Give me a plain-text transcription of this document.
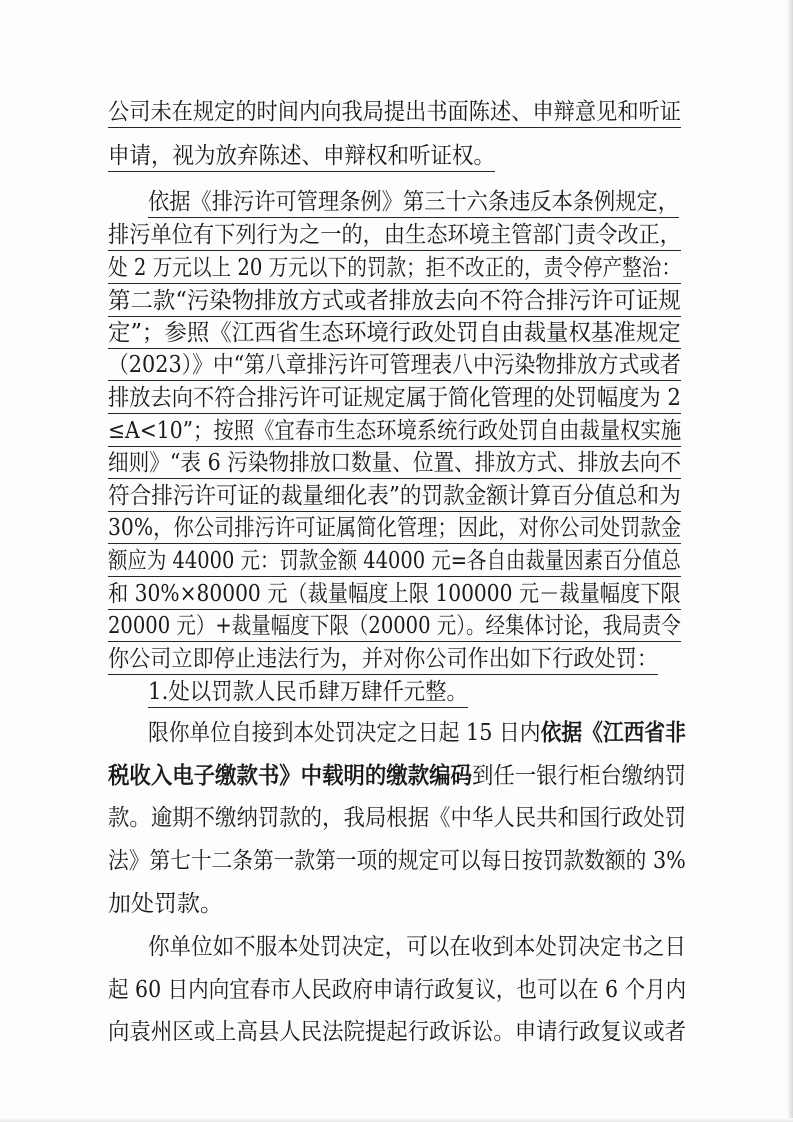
公司未在规定的时间内向我局提出书面陈述、申辩意见和听证
申请，视为放弃陈述、申辩权和听证权。
依据《排污许可管理条例》第三十六条违反本条例规定，
排污单位有下列行为之一的，由生态环境主管部门责令改正，
处 2 万元以上 20 万元以下的罚款；拒不改正的，责令停产整治：
第二款“污染物排放方式或者排放去向不符合排污许可证规
定”；参照《江西省生态环境行政处罚自由裁量权基准规定
（2023）》中“第八章排污许可管理表八中污染物排放方式或者
排放去向不符合排污许可证规定属于简化管理的处罚幅度为 2
≤A<10”；按照《宜春市生态环境系统行政处罚自由裁量权实施
细则》“表 6 污染物排放口数量、位置、排放方式、排放去向不
符合排污许可证的裁量细化表”的罚款金额计算百分值总和为
30%，你公司排污许可证属简化管理；因此，对你公司处罚款金
额应为 44000 元：罚款金额 44000 元=各自由裁量因素百分值总
和 30%×80000 元（裁量幅度上限 100000 元－裁量幅度下限
20000 元）+裁量幅度下限（20000 元）。经集体讨论，我局责令
你公司立即停止违法行为，并对你公司作出如下行政处罚：
1.处以罚款人民币肆万肆仟元整。
限你单位自接到本处罚决定之日起 15 日内依据《江西省非
税收入电子缴款书》中载明的缴款编码到任一银行柜台缴纳罚
款。逾期不缴纳罚款的，我局根据《中华人民共和国行政处罚
法》第七十二条第一款第一项的规定可以每日按罚款数额的 3%
加处罚款。
你单位如不服本处罚决定，可以在收到本处罚决定书之日
起 60 日内向宜春市人民政府申请行政复议，也可以在 6 个月内
向袁州区或上高县人民法院提起行政诉讼。申请行政复议或者
